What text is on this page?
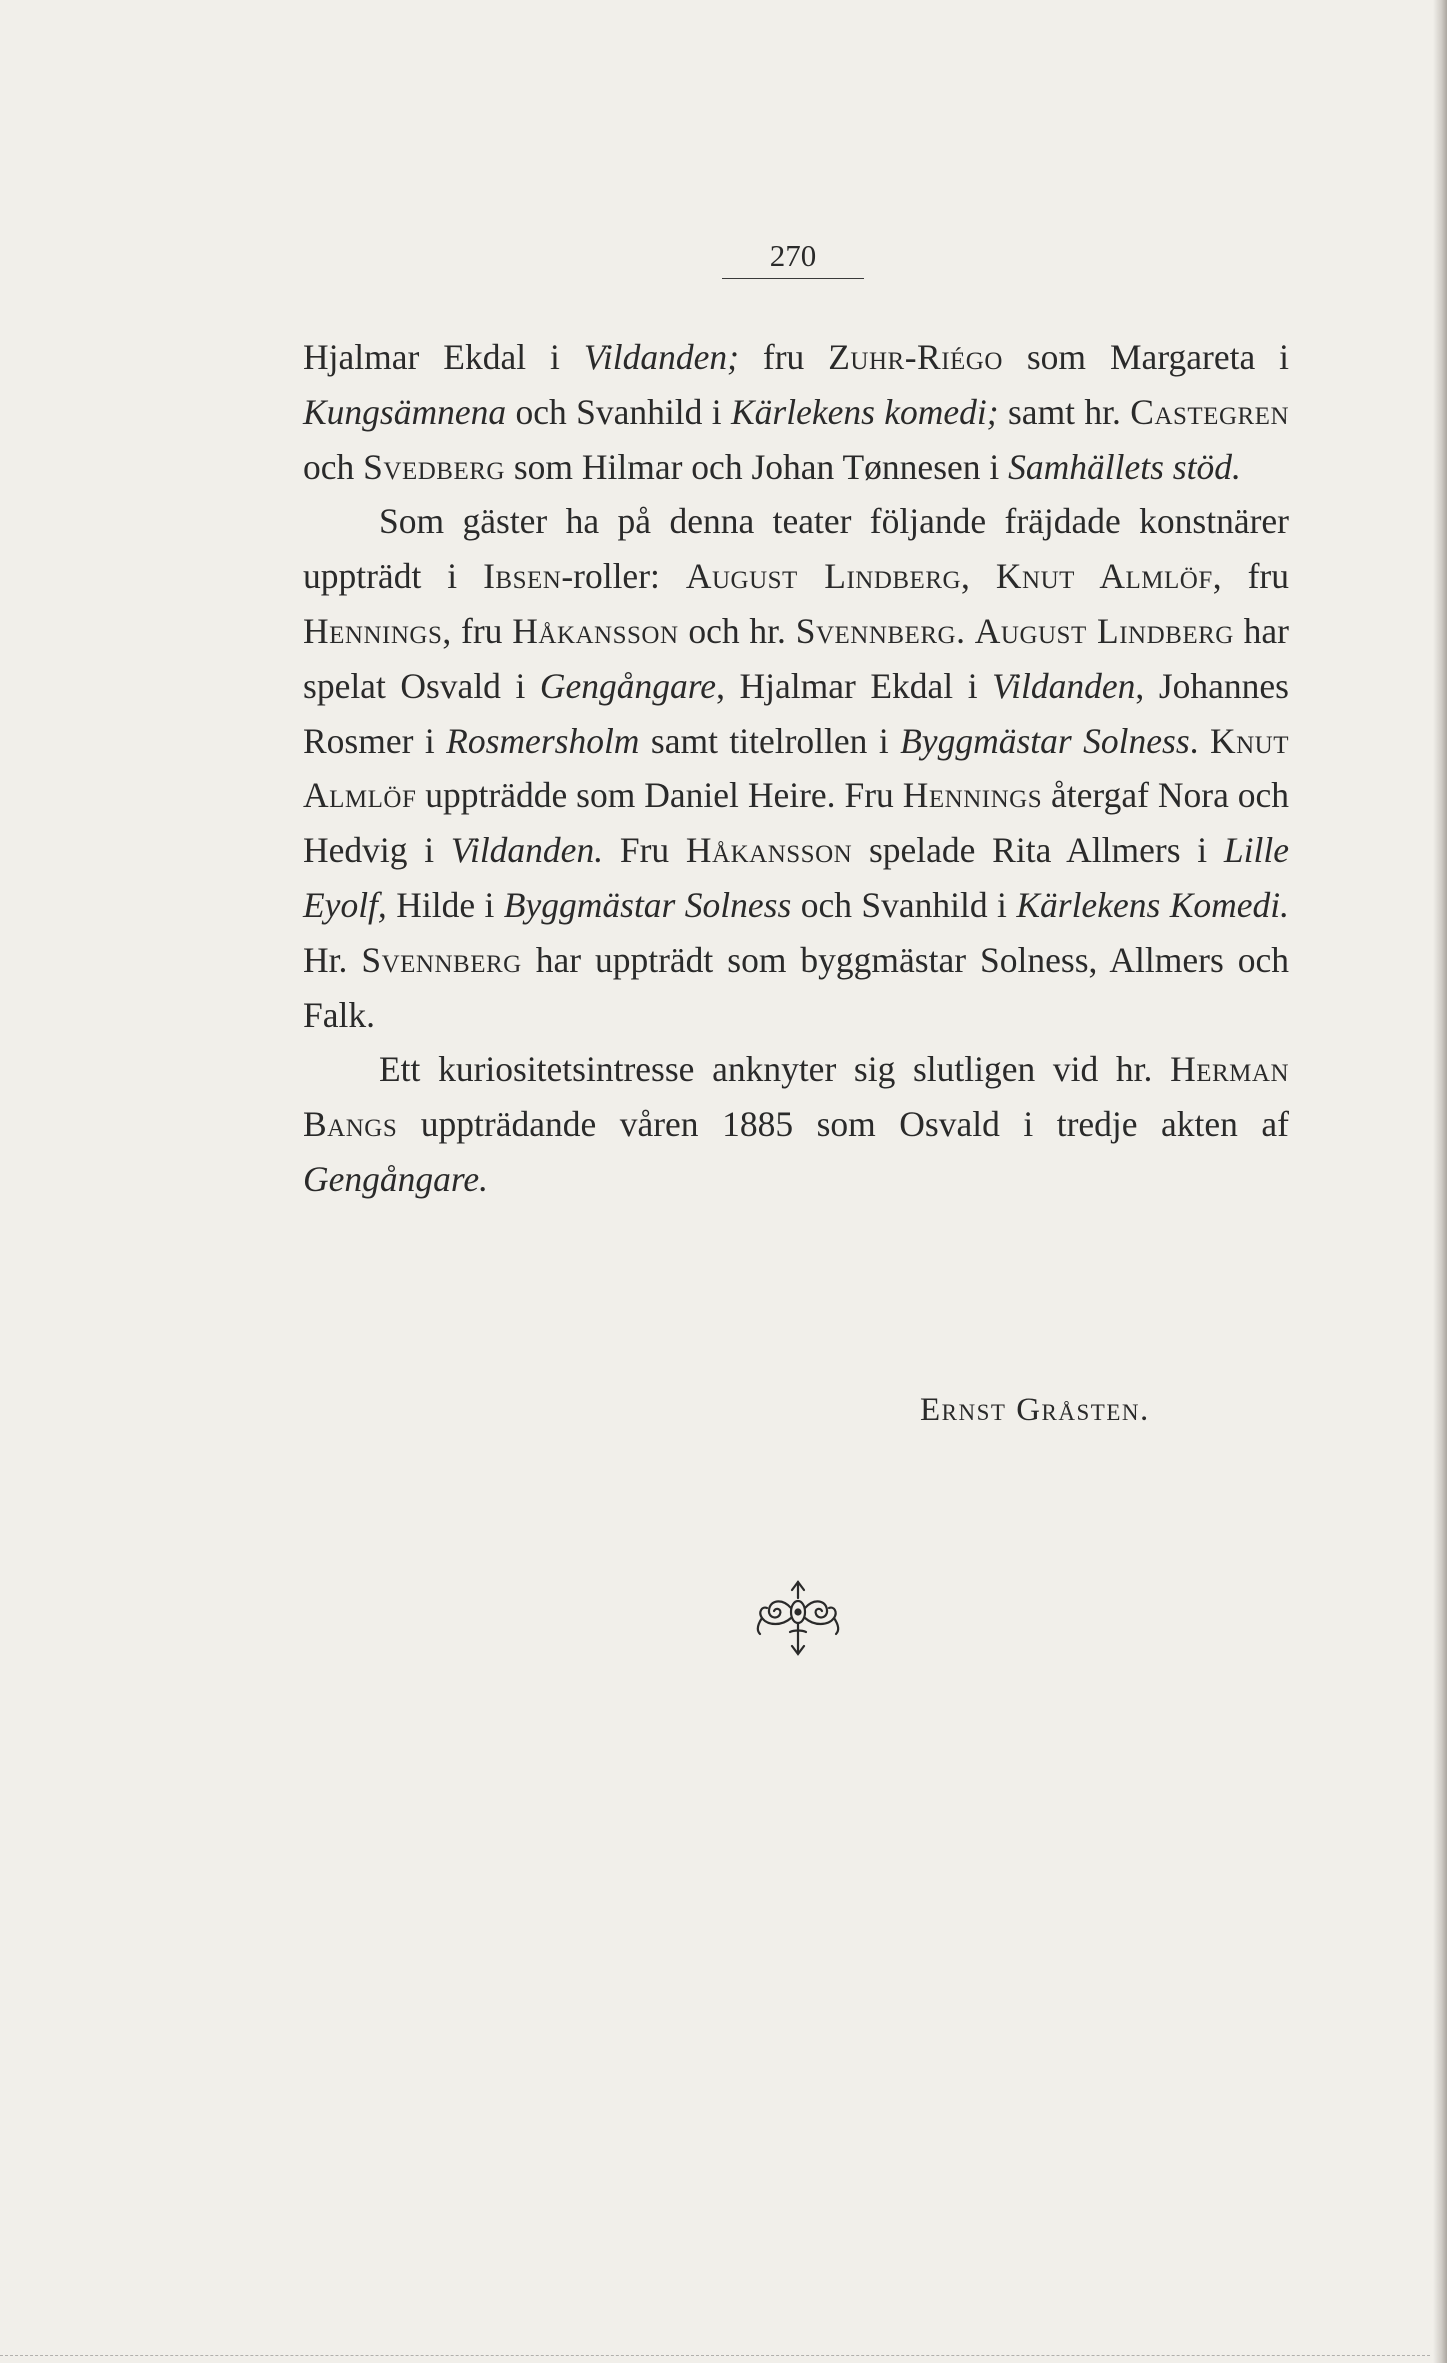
270

Hjalmar Ekdal i Vildanden; fru Zuhr-Riégo som Margareta i Kungsämnena och Svanhild i Kärlekens komedi; samt hr. Castegren och Svedberg som Hilmar och Johan Tønnesen i Samhällets stöd.

Som gäster ha på denna teater följande fräjdade konstnärer uppträdt i Ibsen-roller: August Lindberg, Knut Almlöf, fru Hennings, fru Håkansson och hr. Svennberg. August Lindberg har spelat Osvald i Gengångare, Hjalmar Ekdal i Vildanden, Johannes Rosmer i Rosmersholm samt titelrollen i Byggmästar Solness. Knut Almlöf uppträdde som Daniel Heire. Fru Hennings återgaf Nora och Hedvig i Vildanden. Fru Håkansson spelade Rita Allmers i Lille Eyolf, Hilde i Byggmästar Solness och Svanhild i Kärlekens Komedi. Hr. Svennberg har uppträdt som byggmästar Solness, Allmers och Falk.

Ett kuriositetsintresse anknyter sig slutligen vid hr. Herman Bangs uppträdande våren 1885 som Osvald i tredje akten af Gengångare.

Ernst Gråsten.
